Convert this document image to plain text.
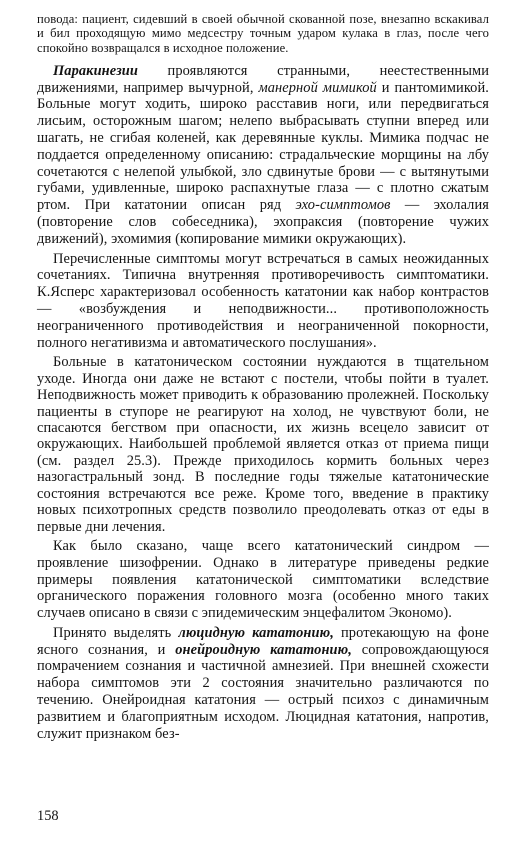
повода: пациент, сидевший в своей обычной скованной позе, внезапно вскакивал и бил проходящую мимо медсестру точным ударом кулака в глаз, после чего спокойно возвращался в исходное положение.

Паракинезии проявляются странными, неестественными движениями, например вычурной, манерной мимикой и пантомимикой. Больные могут ходить, широко расставив ноги, или передвигаться лисьим, осторожным шагом; нелепо выбрасывать ступни вперед или шагать, не сгибая коленей, как деревянные куклы. Мимика подчас не поддается определенному описанию: страдальческие морщины на лбу сочетаются с нелепой улыбкой, зло сдвинутые брови — с вытянутыми губами, удивленные, широко распахнутые глаза — с плотно сжатым ртом. При кататонии описан ряд эхо-симптомов — эхолалия (повторение слов собеседника), эхопраксия (повторение чужих движений), эхомимия (копирование мимики окружающих).

Перечисленные симптомы могут встречаться в самых неожиданных сочетаниях. Типична внутренняя противоречивость симптоматики. К.Ясперс характеризовал особенность кататонии как набор контрастов — «возбуждения и неподвижности... противоположность неограниченного противодействия и неограниченной покорности, полного негативизма и автоматического послушания».

Больные в кататоническом состоянии нуждаются в тщательном уходе. Иногда они даже не встают с постели, чтобы пойти в туалет. Неподвижность может приводить к образованию пролежней. Поскольку пациенты в ступоре не реагируют на холод, не чувствуют боли, не спасаются бегством при опасности, их жизнь всецело зависит от окружающих. Наибольшей проблемой является отказ от приема пищи (см. раздел 25.3). Прежде приходилось кормить больных через назогастральный зонд. В последние годы тяжелые кататонические состояния встречаются все реже. Кроме того, введение в практику новых психотропных средств позволило преодолевать отказ от еды в первые дни лечения.

Как было сказано, чаще всего кататонический синдром — проявление шизофрении. Однако в литературе приведены редкие примеры появления кататонической симптоматики вследствие органического поражения головного мозга (особенно много таких случаев описано в связи с эпидемическим энцефалитом Экономо).

Принято выделять люцидную кататонию, протекающую на фоне ясного сознания, и онейроидную кататонию, сопровождающуюся помрачением сознания и частичной амнезией. При внешней схожести набора симптомов эти 2 состояния значительно различаются по течению. Онейроидная кататония — острый психоз с динамичным развитием и благоприятным исходом. Люцидная кататония, напротив, служит признаком без-

158
